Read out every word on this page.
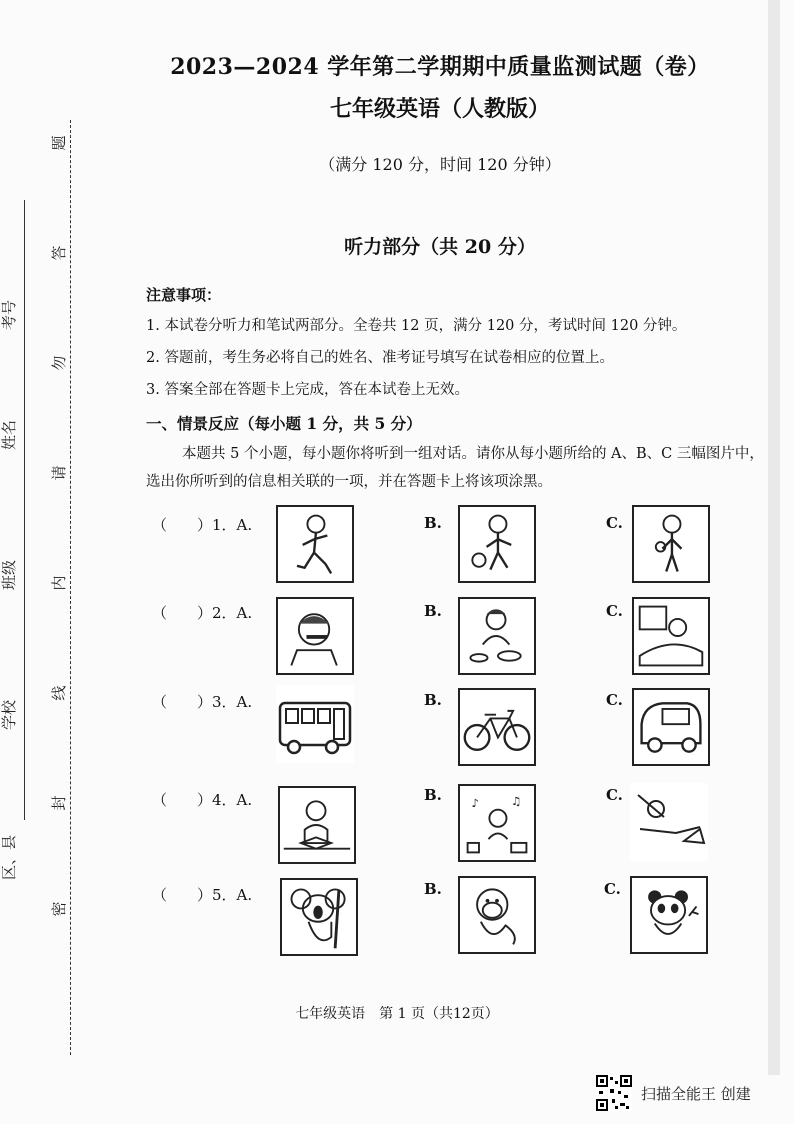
考号
姓名
班级
学校
区、县
题
答
勿
请
内
线
封
密
2023—2024 学年第二学期期中质量监测试题（卷）
七年级英语（人教版）
（满分 120 分，时间 120 分钟）
听力部分（共 20 分）
注意事项：
1. 本试卷分听力和笔试两部分。全卷共 12 页，满分 120 分，考试时间 120 分钟。
2. 答题前，考生务必将自己的姓名、准考证号填写在试卷相应的位置上。
3. 答案全部在答题卡上完成，答在本试卷上无效。
一、情景反应（每小题 1 分，共 5 分）
本题共 5 个小题，每小题你将听到一组对话。请你从每小题所给的 A、B、C 三幅图片中，选出你所听到的信息相关联的一项，并在答题卡上将该项涂黑。
（　　）1．A.	B.	C.
（　　）2．A.	B.	C.
（　　）3．A.	B.	C.
（　　）4．A.	B. ♪	♫	C.
（　　）5．A.	B.	C.
七年级英语　第 1 页（共12页）
扫描全能王 创建
